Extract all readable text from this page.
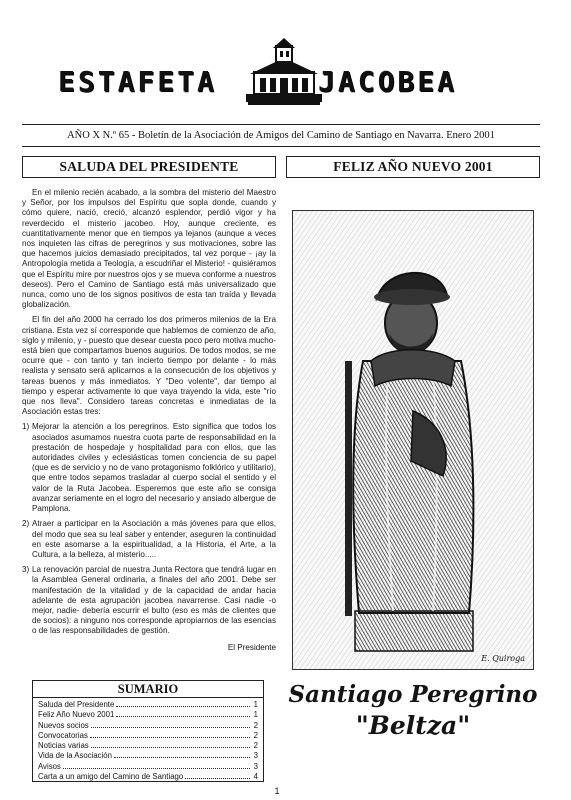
ESTAFETA	JACOBEA
AÑO X N.º 65 - Boletín de la Asociación de Amigos del Camino de Santiago en Navarra. Enero 2001
SALUDA DEL PRESIDENTE

En el milenio recién acabado, a la sombra del misterio del Maestro y Señor, por los impulsos del Espíritu que sopla donde, cuando y cómo quiere, nació, creció, alcanzó esplendor, perdió vigor y ha reverdecido el misterio jacobeo. Hoy, aunque creciente, es cuantitativamente menor que en tiempos ya lejanos (aunque a veces nos inquieten las cifras de peregrinos y sus motivaciones, sobre las que hacemos juicios demasiado precipitados, tal vez porque - ¡ay la Antropología metida a Teología, a escudriñar el Misterio! - quisiéramos que el Espíritu mire por nuestros ojos y se mueva conforme a nuestros deseos). Pero el Camino de Santiago está más universalizado que nunca, como uno de los signos positivos de esta tan traída y llevada globalización.

El fin del año 2000 ha cerrado los dos primeros milenios de la Era cristiana. Esta vez sí corresponde que hablemos de comienzo de año, siglo y milenio, y - puesto que desear cuesta poco pero motiva mucho- está bien que compartamos buenos augurios. De todos modos, se me ocurre que - con tanto y tan incierto tiempo por delante - lo más realista y sensato será aplicarnos a la consecución de los objetivos y tareas buenos y más inmediatos. Y "Deo volente", dar tiempo al tiempo y esperar activamente lo que vaya trayendo la vida, este "río que nos lleva". Considero tareas concretas e inmediatas de la Asociación estas tres:

1) Mejorar la atención a los peregrinos. Esto significa que todos los asociados asumamos nuestra cuota parte de responsabilidad en la prestación de hospedaje y hospitalidad para con ellos, que las autoridades civiles y eclesiásticas tomen conciencia de su papel (que es de servicio y no de vano protagonismo folklórico y utilitario), que entre todos sepamos trasladar al cuerpo social el sentido y el valor de la Ruta Jacobea. Esperemos que este año se consiga avanzar seriamente en el logro del necesario y ansiado albergue de Pamplona.
2) Atraer a participar en la Asociación a más jóvenes para que ellos, del modo que sea su leal saber y entender, aseguren la continuidad en este asomarse a la espiritualidad, a la Historia, el Arte, a la Cultura, a la belleza, al misterio.....
3) La renovación parcial de nuestra Junta Rectora que tendrá lugar en la Asamblea General ordinaria, a finales del año 2001. Debe ser manifestación de la vitalidad y de la capacidad de andar hacia adelante de esta agrupación jacobea navarrense. Casi nadie -o mejor, nadie- debería escurrir el bulto (eso es más de clientes que de socios): a ninguno nos corresponde apropiarnos de las esencias o de las responsabilidades de gestión.
El Presidente
SUMARIO
Saluda del Presidente	1
Feliz Año Nuevo 2001	1
Nuevos socios	2
Convocatorias	2
Noticias varias	2
Vida de la Asociación	3
Avisos	3
Carta a un amigo del Camino de Santiago	4
FELIZ AÑO NUEVO 2001
E. Quiroga
Santiago Peregrino
"Beltza"
1
